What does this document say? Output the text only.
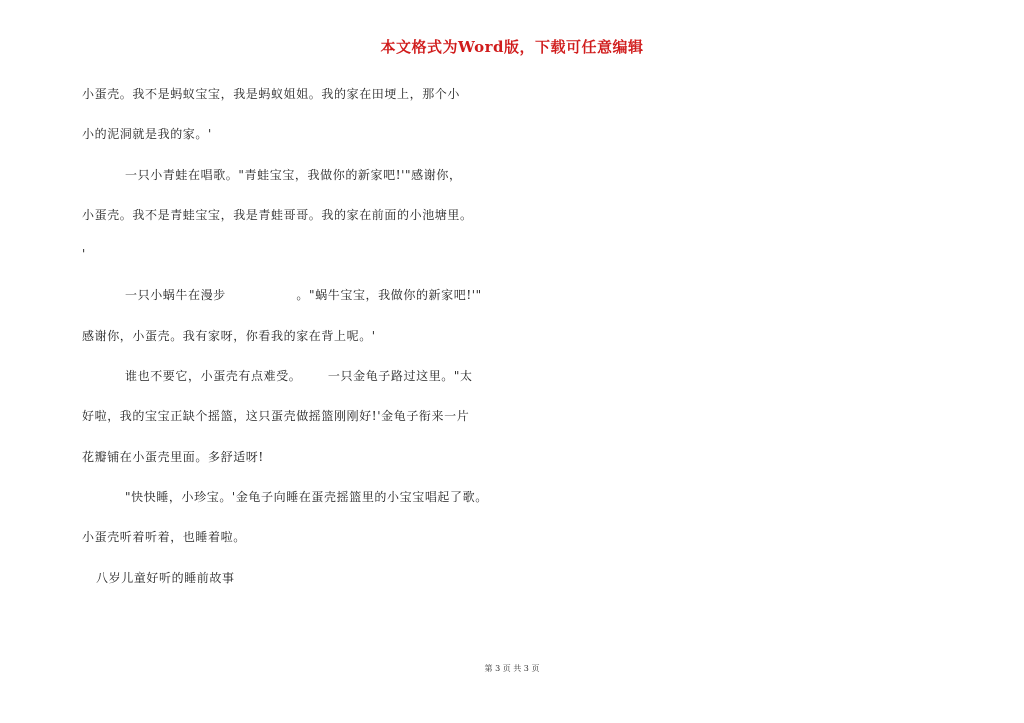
本文格式为Word版，下载可任意编辑
小蛋壳。我不是蚂蚁宝宝，我是蚂蚁姐姐。我的家在田埂上，那个小
小的泥洞就是我的家。'
一只小青蛙在唱歌。"青蛙宝宝，我做你的新家吧!'"感谢你，
小蛋壳。我不是青蛙宝宝，我是青蛙哥哥。我的家在前面的小池塘里。
'
一只小蜗牛在漫步                。"蜗牛宝宝，我做你的新家吧!'"
感谢你，小蛋壳。我有家呀，你看我的家在背上呢。'
谁也不要它，小蛋壳有点难受。      一只金龟子路过这里。"太
好啦，我的宝宝正缺个摇篮，这只蛋壳做摇篮刚刚好!'金龟子衔来一片
花瓣铺在小蛋壳里面。多舒适呀!
"快快睡，小珍宝。'金龟子向睡在蛋壳摇篮里的小宝宝唱起了歌。
小蛋壳听着听着，也睡着啦。
八岁儿童好听的睡前故事
第 3 页 共 3 页
